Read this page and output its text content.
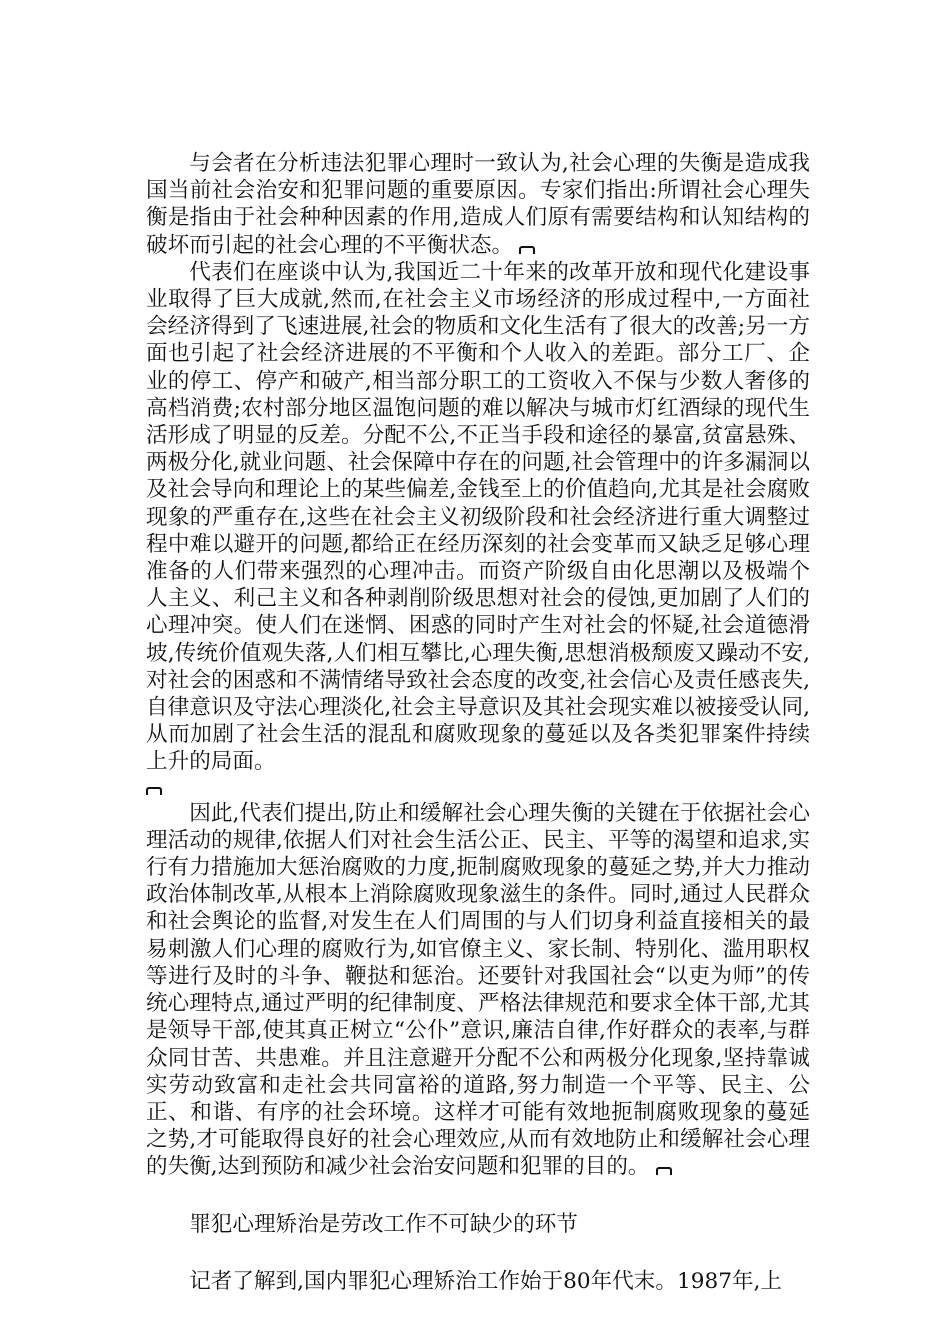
与会者在分析违法犯罪心理时一致认为,社会心理的失衡是造成我国当前社会治安和犯罪问题的重要原因。专家们指出:所谓社会心理失衡是指由于社会种种因素的作用,造成人们原有需要结构和认知结构的破坏而引起的社会心理的不平衡状态。

代表们在座谈中认为,我国近二十年来的改革开放和现代化建设事业取得了巨大成就,然而,在社会主义市场经济的形成过程中,一方面社会经济得到了飞速进展,社会的物质和文化生活有了很大的改善;另一方面也引起了社会经济进展的不平衡和个人收入的差距。部分工厂、企业的停工、停产和破产,相当部分职工的工资收入不保与少数人奢侈的高档消费;农村部分地区温饱问题的难以解决与城市灯红酒绿的现代生活形成了明显的反差。分配不公,不正当手段和途径的暴富,贫富悬殊、两极分化,就业问题、社会保障中存在的问题,社会管理中的许多漏洞以及社会导向和理论上的某些偏差,金钱至上的价值趋向,尤其是社会腐败现象的严重存在,这些在社会主义初级阶段和社会经济进行重大调整过程中难以避开的问题,都给正在经历深刻的社会变革而又缺乏足够心理准备的人们带来强烈的心理冲击。而资产阶级自由化思潮以及极端个人主义、利己主义和各种剥削阶级思想对社会的侵蚀,更加剧了人们的心理冲突。使人们在迷惘、困惑的同时产生对社会的怀疑,社会道德滑坡,传统价值观失落,人们相互攀比,心理失衡,思想消极颓废又躁动不安,对社会的困惑和不满情绪导致社会态度的改变,社会信心及责任感丧失,自律意识及守法心理淡化,社会主导意识及其社会现实难以被接受认同,从而加剧了社会生活的混乱和腐败现象的蔓延以及各类犯罪案件持续上升的局面。

因此,代表们提出,防止和缓解社会心理失衡的关键在于依据社会心理活动的规律,依据人们对社会生活公正、民主、平等的渴望和追求,实行有力措施加大惩治腐败的力度,扼制腐败现象的蔓延之势,并大力推动政治体制改革,从根本上消除腐败现象滋生的条件。同时,通过人民群众和社会舆论的监督,对发生在人们周围的与人们切身利益直接相关的最易刺激人们心理的腐败行为,如官僚主义、家长制、特别化、滥用职权等进行及时的斗争、鞭挞和惩治。还要针对我国社会“以吏为师”的传统心理特点,通过严明的纪律制度、严格法律规范和要求全体干部,尤其是领导干部,使其真正树立“公仆”意识,廉洁自律,作好群众的表率,与群众同甘苦、共患难。并且注意避开分配不公和两极分化现象,坚持靠诚实劳动致富和走社会共同富裕的道路,努力制造一个平等、民主、公正、和谐、有序的社会环境。这样才可能有效地扼制腐败现象的蔓延之势,才可能取得良好的社会心理效应,从而有效地防止和缓解社会心理的失衡,达到预防和减少社会治安问题和犯罪的目的。

罪犯心理矫治是劳改工作不可缺少的环节

记者了解到,国内罪犯心理矫治工作始于80年代末。1987年,上
